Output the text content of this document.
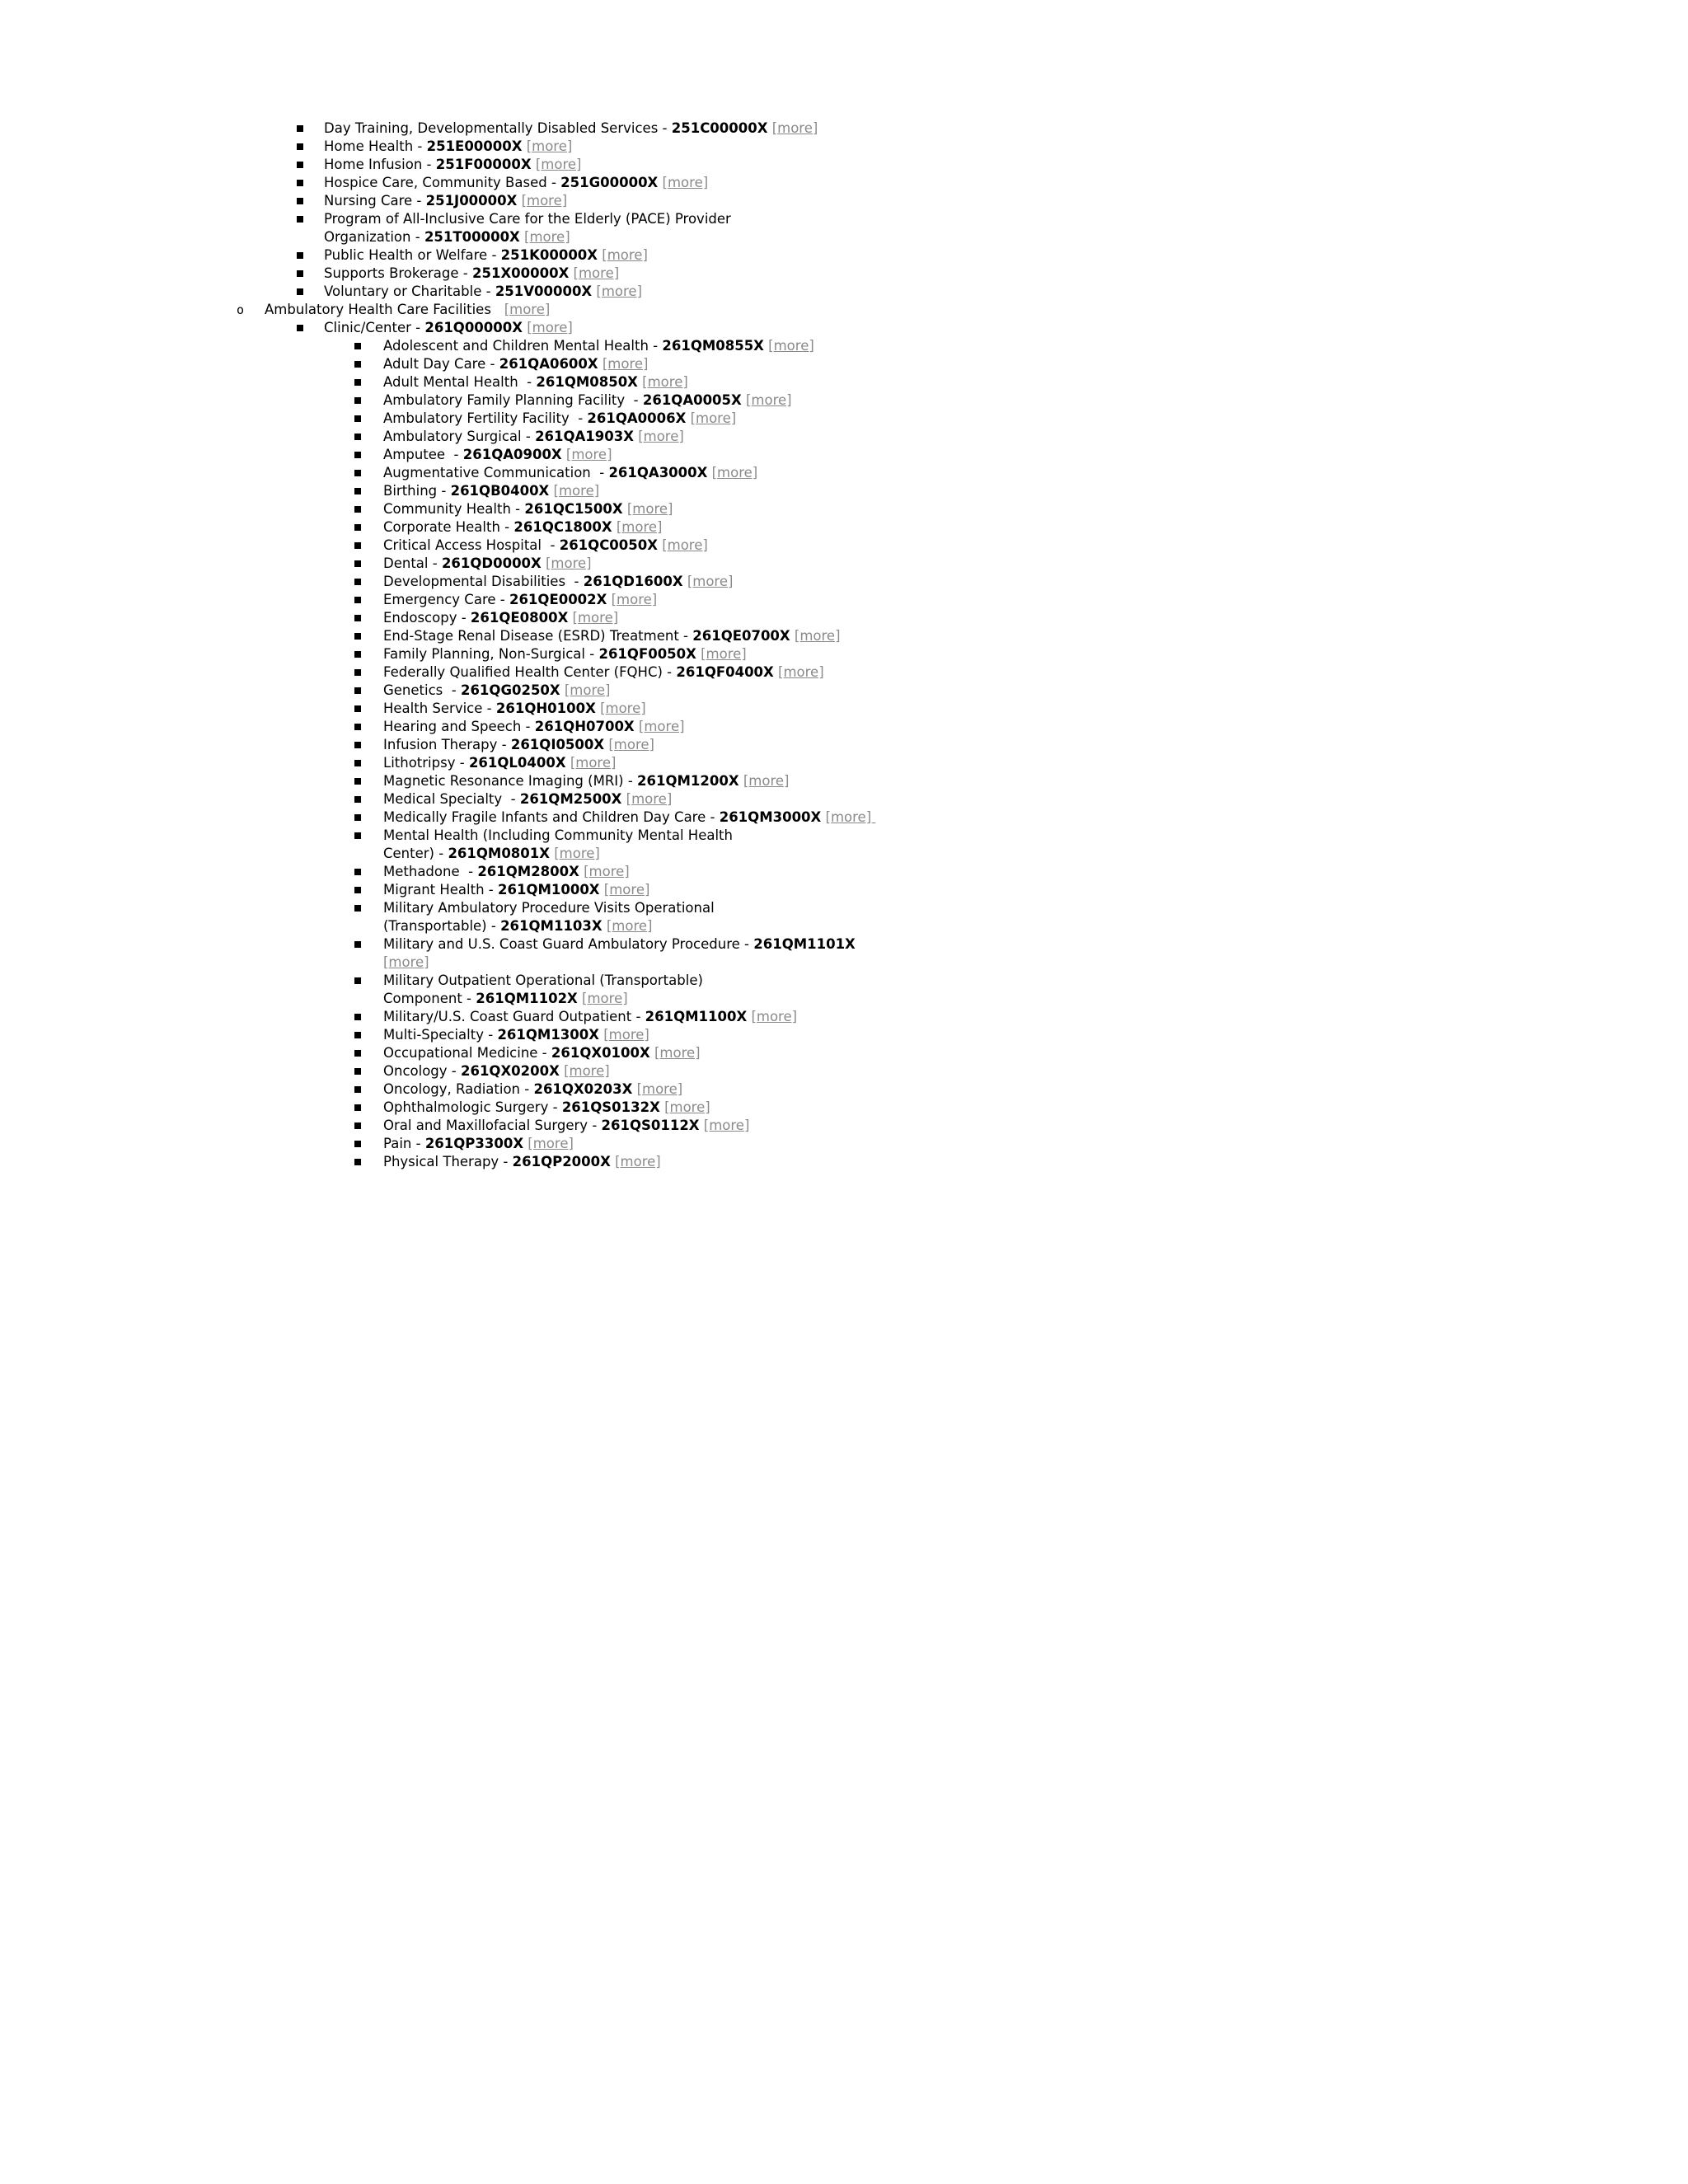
Day Training, Developmentally Disabled Services - 251C00000X [more]
Home Health - 251E00000X [more]
Home Infusion - 251F00000X [more]
Hospice Care, Community Based - 251G00000X [more]
Nursing Care - 251J00000X [more]
Program of All-Inclusive Care for the Elderly (PACE) Provider
Organization - 251T00000X [more]
Public Health or Welfare - 251K00000X [more]
Supports Brokerage - 251X00000X [more]
Voluntary or Charitable - 251V00000X [more]
o Ambulatory Health Care Facilities [more]
Clinic/Center - 261Q00000X [more]
Adolescent and Children Mental Health - 261QM0855X [more]
Adult Day Care - 261QA0600X [more]
Adult Mental Health  - 261QM0850X [more]
Ambulatory Family Planning Facility  - 261QA0005X [more]
Ambulatory Fertility Facility  - 261QA0006X [more]
Ambulatory Surgical - 261QA1903X [more]
Amputee  - 261QA0900X [more]
Augmentative Communication  - 261QA3000X [more]
Birthing - 261QB0400X [more]
Community Health - 261QC1500X [more]
Corporate Health - 261QC1800X [more]
Critical Access Hospital  - 261QC0050X [more]
Dental - 261QD0000X [more]
Developmental Disabilities  - 261QD1600X [more]
Emergency Care - 261QE0002X [more]
Endoscopy - 261QE0800X [more]
End-Stage Renal Disease (ESRD) Treatment - 261QE0700X [more]
Family Planning, Non-Surgical - 261QF0050X [more]
Federally Qualified Health Center (FQHC) - 261QF0400X [more]
Genetics  - 261QG0250X [more]
Health Service - 261QH0100X [more]
Hearing and Speech - 261QH0700X [more]
Infusion Therapy - 261QI0500X [more]
Lithotripsy - 261QL0400X [more]
Magnetic Resonance Imaging (MRI) - 261QM1200X [more]
Medical Specialty  - 261QM2500X [more]
Medically Fragile Infants and Children Day Care - 261QM3000X [more]
Mental Health (Including Community Mental Health
Center) - 261QM0801X [more]
Methadone  - 261QM2800X [more]
Migrant Health - 261QM1000X [more]
Military Ambulatory Procedure Visits Operational
(Transportable) - 261QM1103X [more]
Military and U.S. Coast Guard Ambulatory Procedure - 261QM1101X
[more]
Military Outpatient Operational (Transportable)
Component - 261QM1102X [more]
Military/U.S. Coast Guard Outpatient - 261QM1100X [more]
Multi-Specialty - 261QM1300X [more]
Occupational Medicine - 261QX0100X [more]
Oncology - 261QX0200X [more]
Oncology, Radiation - 261QX0203X [more]
Ophthalmologic Surgery - 261QS0132X [more]
Oral and Maxillofacial Surgery - 261QS0112X [more]
Pain - 261QP3300X [more]
Physical Therapy - 261QP2000X [more]
